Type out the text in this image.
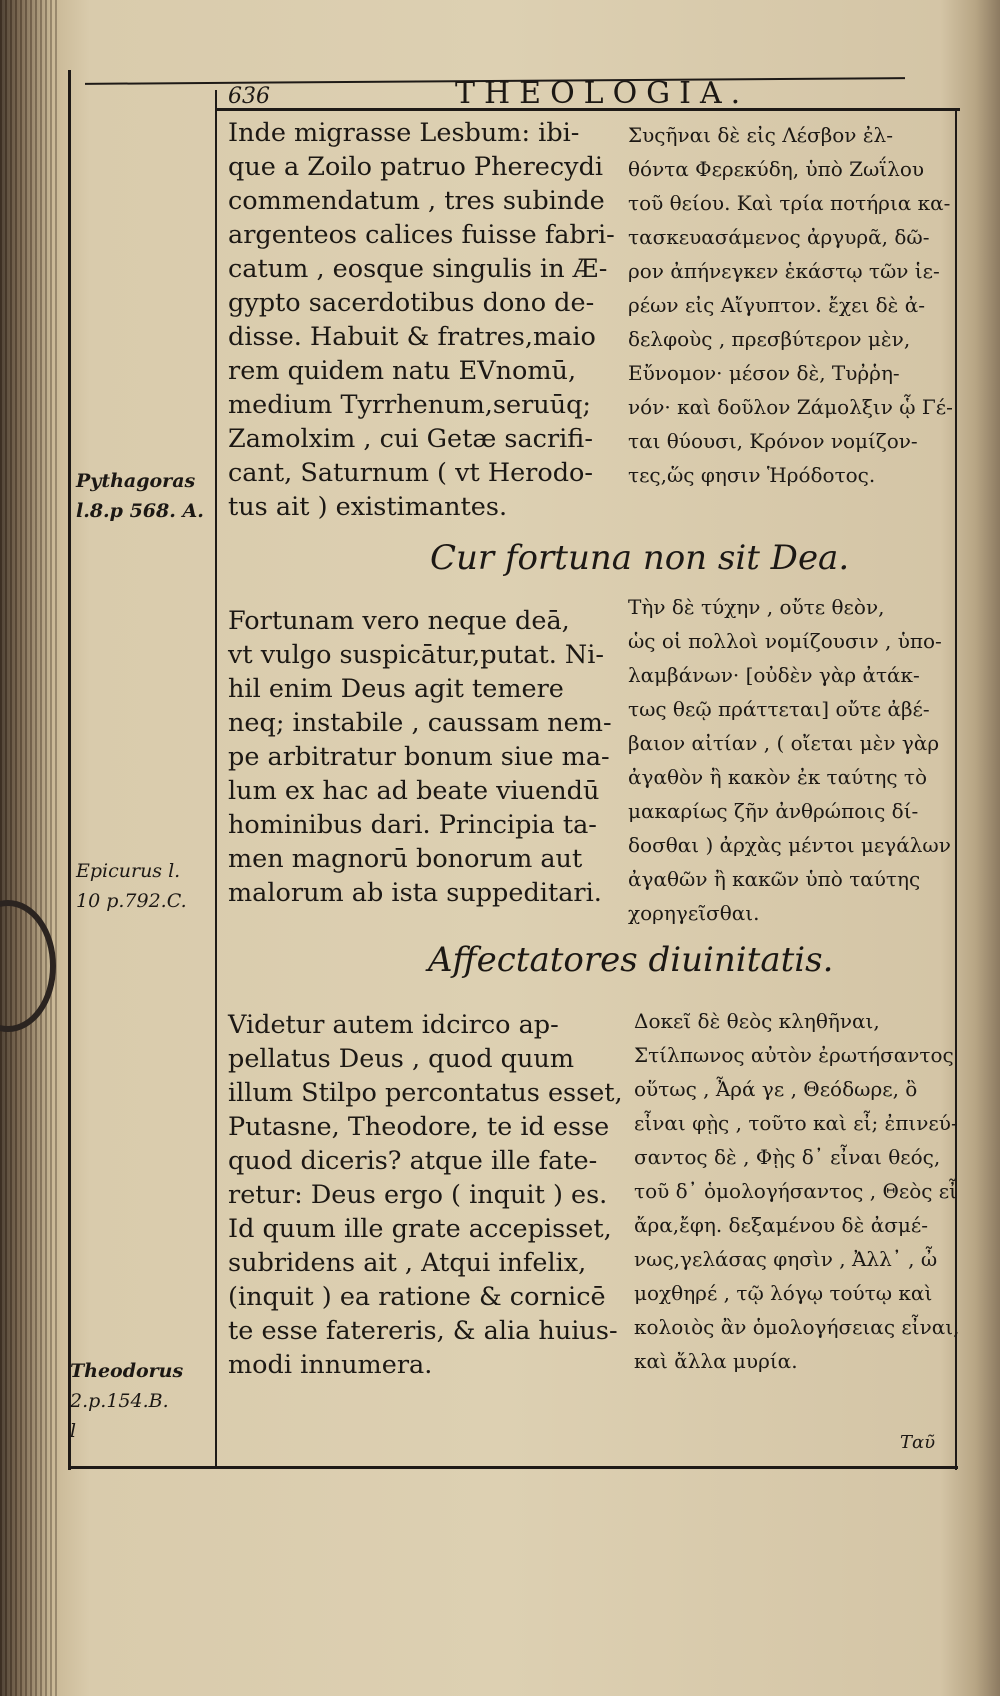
636	THEOLOGIA.
Inde migrasse Lesbum: ibi-
que a Zoilo patruo Pherecydi
commendatum , tres subinde
argenteos calices fuisse fabri-
catum , eosque singulis in Æ-
gypto sacerdotibus dono de-
disse. Habuit & fratres,maio
rem quidem natu EVnomū,
medium Tyrrhenum,seruūq;
Zamolxim , cui Getæ sacrifi-
cant, Saturnum ( vt Herodo-
tus ait ) existimantes.
Συςῆναι δὲ εἰς Λέσβον ἐλ-
θόντα Φερεκύδη, ὑπὸ Ζωΐλου
τοῦ θείου. Καὶ τρία ποτήρια κα-
τασκευασάμενος ἀργυρᾶ, δῶ-
ρον ἀπήνεγκεν ἑκάστῳ τῶν ἱε-
ρέων εἰς Αἴγυπτον. ἔχει δὲ ἀ-
δελφοὺς , πρεσβύτερον μὲν,
Εὔνομον· μέσον δὲ, Τυῤῥη-
νόν· καὶ δοῦλον Ζάμολξιν ᾧ Γέ-
ται θύουσι, Κρόνον νομίζον-
τες,ὥς φησιν Ἡρόδοτος.
Cur fortuna non sit Dea.
Fortunam vero neque deā,
vt vulgo suspicātur,putat. Ni-
hil enim Deus agit temere
neq; instabile , caussam nem-
pe arbitratur bonum siue ma-
lum ex hac ad beate viuendū
hominibus dari. Principia ta-
men magnorū bonorum aut
malorum ab ista suppeditari.
Τὴν δὲ τύχην , οὔτε θεὸν,
ὡς οἱ πολλοὶ νομίζουσιν , ὑπο-
λαμβάνων· [οὐδὲν γὰρ ἀτάκ-
τως θεῷ πράττεται] οὔτε ἀβέ-
βαιον αἰτίαν , ( οἴεται μὲν γὰρ
ἀγαθὸν ἢ κακὸν ἐκ ταύτης τὸ
μακαρίως ζῆν ἀνθρώποις δί-
δοσθαι ) ἀρχὰς μέντοι μεγάλων
ἀγαθῶν ἢ κακῶν ὑπὸ ταύτης
χορηγεῖσθαι.
Affectatores diuinitatis.
Videtur autem idcirco ap-
pellatus Deus , quod quum
illum Stilpo percontatus esset,
Putasne, Theodore, te id esse
quod diceris? atque ille fate-
retur: Deus ergo ( inquit ) es.
Id quum ille grate accepisset,
subridens ait , Atqui infelix,
(inquit ) ea ratione & cornicē
te esse fatereris, & alia huius-
modi innumera.
Δοκεῖ δὲ θεὸς κληθῆναι,
Στίλπωνος αὐτὸν ἐρωτήσαντος
οὕτως , Ἆρά γε , Θεόδωρε, ὃ
εἶναι φῂς , τοῦτο καὶ εἶ; ἐπινεύ-
σαντος δὲ , Φῂς δ᾽ εἶναι θεός,
τοῦ δ᾽ ὁμολογήσαντος , Θεὸς εἶ
ἄρα,ἔφη. δεξαμένου δὲ ἀσμέ-
νως,γελάσας φησὶν , Ἀλλ᾽ , ὦ
μοχθηρέ , τῷ λόγῳ τούτῳ καὶ
κολοιὸς ἂν ὁμολογήσειας εἶναι,
καὶ ἄλλα μυρία.
Ταῦ
Pythagoras
l.8.p 568. A.
Epicurus l.
10 p.792.C.
Theodorus
2.p.154.B.
l
